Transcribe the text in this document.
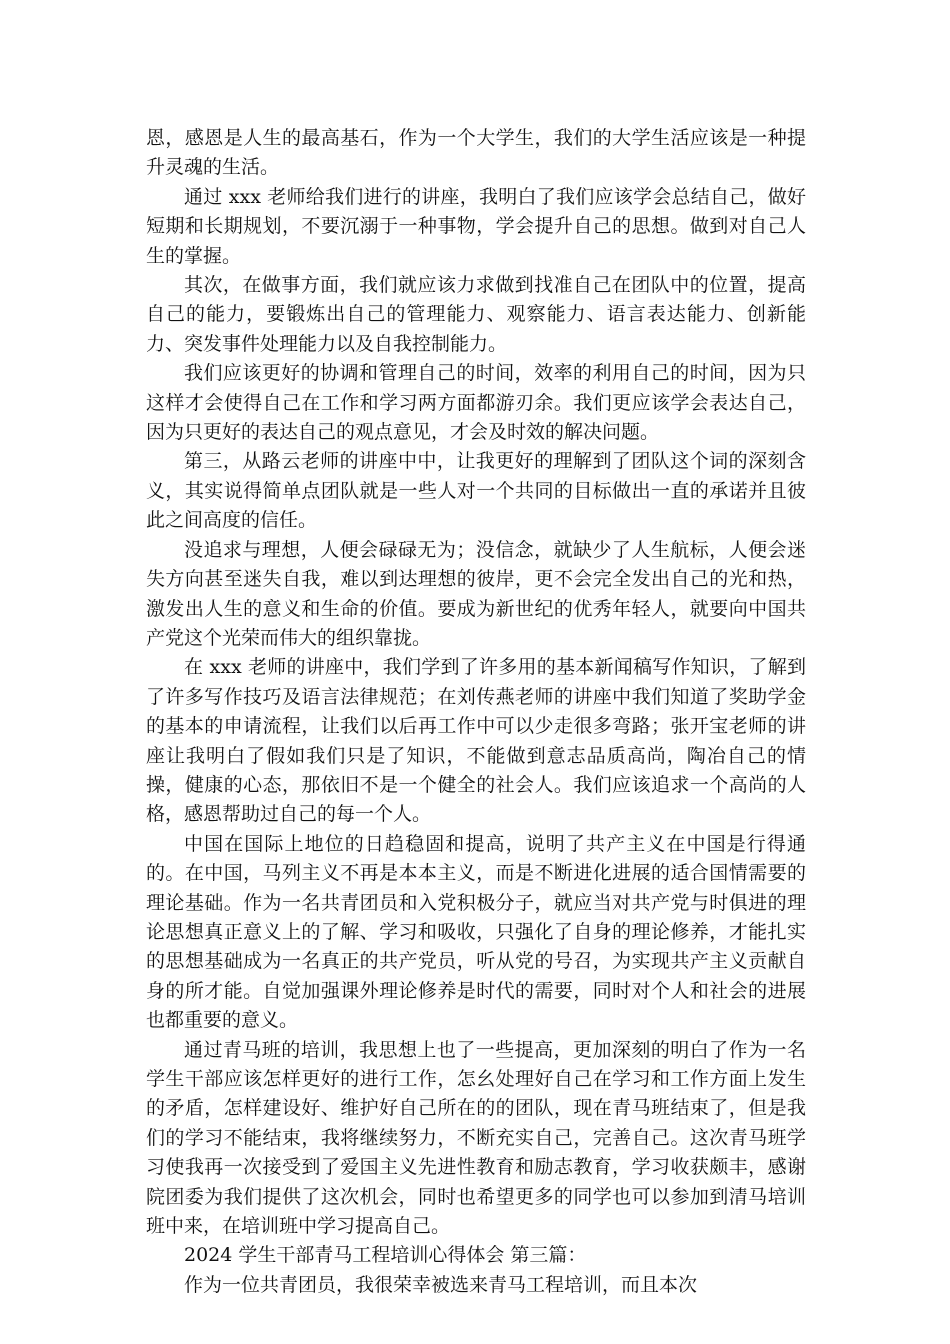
恩，感恩是人生的最高基石，作为一个大学生，我们的大学生活应该是一种提升灵魂的生活。

通过 xxx 老师给我们进行的讲座，我明白了我们应该学会总结自己，做好短期和长期规划，不要沉溺于一种事物，学会提升自己的思想。做到对自己人生的掌握。

其次，在做事方面，我们就应该力求做到找准自己在团队中的位置，提高自己的能力，要锻炼出自己的管理能力、观察能力、语言表达能力、创新能力、突发事件处理能力以及自我控制能力。

我们应该更好的协调和管理自己的时间，效率的利用自己的时间，因为只这样才会使得自己在工作和学习两方面都游刃余。我们更应该学会表达自己，因为只更好的表达自己的观点意见，才会及时效的解决问题。

第三，从路云老师的讲座中中，让我更好的理解到了团队这个词的深刻含义，其实说得简单点团队就是一些人对一个共同的目标做出一直的承诺并且彼此之间高度的信任。

没追求与理想，人便会碌碌无为；没信念，就缺少了人生航标，人便会迷失方向甚至迷失自我，难以到达理想的彼岸，更不会完全发出自己的光和热，激发出人生的意义和生命的价值。要成为新世纪的优秀年轻人，就要向中国共产党这个光荣而伟大的组织靠拢。

在 xxx 老师的讲座中，我们学到了许多用的基本新闻稿写作知识，了解到了许多写作技巧及语言法律规范；在刘传燕老师的讲座中我们知道了奖助学金的基本的申请流程，让我们以后再工作中可以少走很多弯路；张开宝老师的讲座让我明白了假如我们只是了知识，不能做到意志品质高尚，陶冶自己的情操，健康的心态，那依旧不是一个健全的社会人。我们应该追求一个高尚的人格，感恩帮助过自己的每一个人。

中国在国际上地位的日趋稳固和提高，说明了共产主义在中国是行得通的。在中国，马列主义不再是本本主义，而是不断进化进展的适合国情需要的理论基础。作为一名共青团员和入党积极分子，就应当对共产党与时俱进的理论思想真正意义上的了解、学习和吸收，只强化了自身的理论修养，才能扎实的思想基础成为一名真正的共产党员，听从党的号召，为实现共产主义贡献自身的所才能。自觉加强课外理论修养是时代的需要，同时对个人和社会的进展也都重要的意义。

通过青马班的培训，我思想上也了一些提高，更加深刻的明白了作为一名学生干部应该怎样更好的进行工作，怎幺处理好自己在学习和工作方面上发生的矛盾，怎样建设好、维护好自己所在的的团队，现在青马班结束了，但是我们的学习不能结束，我将继续努力，不断充实自己，完善自己。这次青马班学习使我再一次接受到了爱国主义先进性教育和励志教育，学习收获颇丰，感谢院团委为我们提供了这次机会，同时也希望更多的同学也可以参加到清马培训班中来，在培训班中学习提高自己。

2024 学生干部青马工程培训心得体会 第三篇：

作为一位共青团员，我很荣幸被选来青马工程培训，而且本次
